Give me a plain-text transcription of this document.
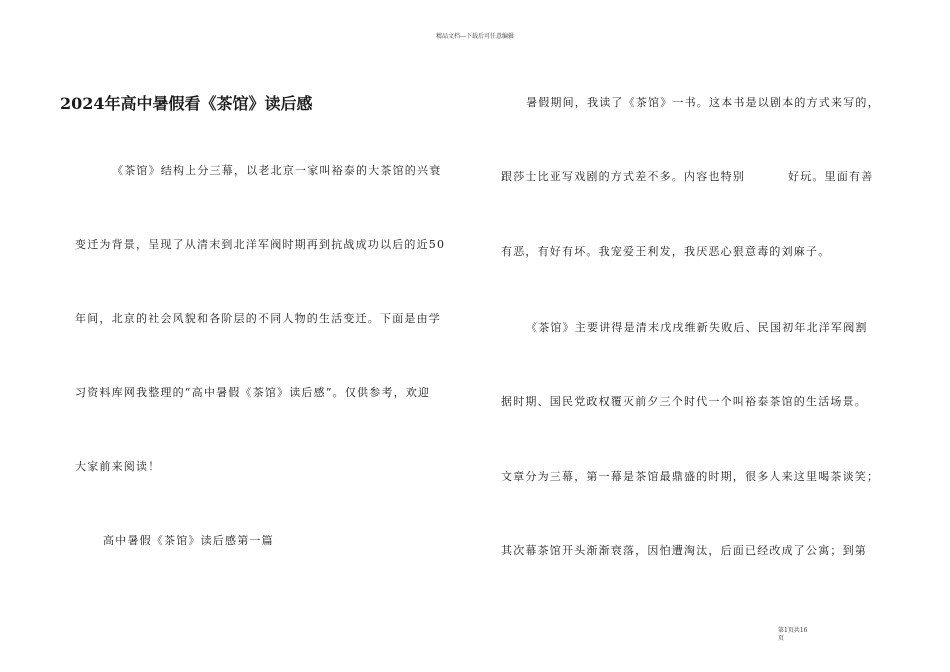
精品文档---下载后可任意编辑
2024年高中暑假看《茶馆》读后感
《茶馆》结构上分三幕，以老北京一家叫裕泰的大茶馆的兴衰
变迁为背景，呈现了从清末到北洋军阀时期再到抗战成功以后的近50
年间，北京的社会风貌和各阶层的不同人物的生活变迁。下面是由学
习资料库网我整理的“高中暑假《茶馆》读后感”。仅供参考，欢迎
大家前来阅读！
高中暑假《茶馆》读后感第一篇
暑假期间，我读了《茶馆》一书。这本书是以剧本的方式来写的，
跟莎士比亚写戏剧的方式差不多。内容也特别	好玩。里面有善
有恶，有好有坏。我宠爱王利发，我厌恶心狠意毒的刘麻子。
《茶馆》主要讲得是清末戊戌维新失败后、民国初年北洋军阀割
据时期、国民党政权覆灭前夕三个时代一个叫裕泰茶馆的生活场景。
文章分为三幕，第一幕是茶馆最鼎盛的时期，很多人来这里喝茶谈笑；
其次幕茶馆开头渐渐衰落，因怕遭淘汰，后面已经改成了公寓；到第
第1页共16
页
